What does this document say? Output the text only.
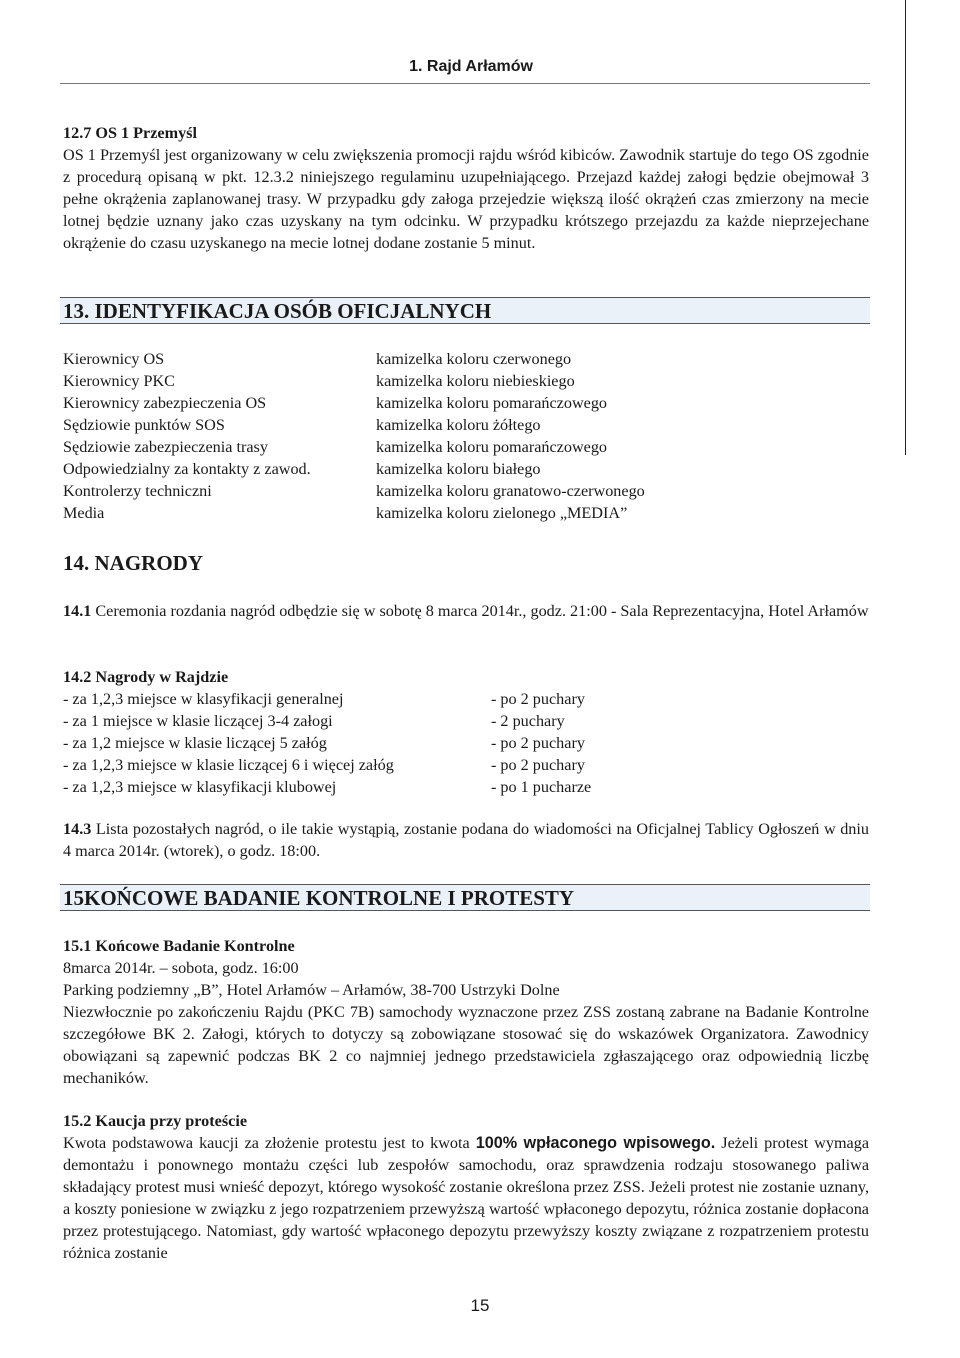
1. Rajd Arłamów
12.7 OS 1 Przemyśl
OS 1 Przemyśl jest organizowany w celu zwiększenia promocji rajdu wśród kibiców. Zawodnik startuje do tego OS zgodnie z procedurą opisaną w pkt. 12.3.2 niniejszego regulaminu uzupełniającego. Przejazd każdej załogi będzie obejmował 3 pełne okrążenia zaplanowanej trasy. W przypadku gdy załoga przejedzie większą ilość okrążeń czas zmierzony na mecie lotnej będzie uznany jako czas uzyskany na tym odcinku. W przypadku krótszego przejazdu za każde nieprzejechane okrążenie do czasu uzyskanego na mecie lotnej dodane zostanie 5 minut.
13. IDENTYFIKACJA OSÓB OFICJALNYCH
Kierownicy OS	kamizelka koloru czerwonego
Kierownicy PKC	kamizelka koloru niebieskiego
Kierownicy zabezpieczenia OS	kamizelka koloru pomarańczowego
Sędziowie punktów SOS	kamizelka koloru żółtego
Sędziowie zabezpieczenia trasy	kamizelka koloru pomarańczowego
Odpowiedzialny za kontakty z zawod.	kamizelka koloru białego
Kontrolerzy techniczni	kamizelka koloru granatowo-czerwonego
Media	kamizelka koloru zielonego „MEDIA”
14. NAGRODY
14.1 Ceremonia rozdania nagród odbędzie się w sobotę 8 marca 2014r., godz. 21:00 - Sala Reprezentacyjna, Hotel Arłamów
14.2 Nagrody w Rajdzie
- za 1,2,3 miejsce w klasyfikacji generalnej	- po 2 puchary
- za 1 miejsce w klasie liczącej 3-4 załogi	- 2 puchary
- za 1,2 miejsce w klasie liczącej 5 załóg	- po 2 puchary
- za 1,2,3 miejsce w klasie liczącej 6 i więcej załóg	- po 2 puchary
- za 1,2,3 miejsce w klasyfikacji klubowej	- po 1 pucharze
14.3 Lista pozostałych nagród, o ile takie wystąpią, zostanie podana do wiadomości na Oficjalnej Tablicy Ogłoszeń w dniu 4 marca 2014r. (wtorek), o godz. 18:00.
15KOŃCOWE BADANIE KONTROLNE I PROTESTY
15.1 Końcowe Badanie Kontrolne
8marca 2014r. – sobota, godz. 16:00
Parking podziemny „B”, Hotel Arłamów – Arłamów, 38-700 Ustrzyki Dolne
Niezwłocznie po zakończeniu Rajdu (PKC 7B) samochody wyznaczone przez ZSS zostaną zabrane na Badanie Kontrolne szczegółowe BK 2. Załogi, których to dotyczy są zobowiązane stosować się do wskazówek Organizatora. Zawodnicy obowiązani są zapewnić podczas BK 2 co najmniej jednego przedstawiciela zgłaszającego oraz odpowiednią liczbę mechaników.
15.2 Kaucja przy proteście
Kwota podstawowa kaucji za złożenie protestu jest to kwota 100% wpłaconego wpisowego. Jeżeli protest wymaga demontażu i ponownego montażu części lub zespołów samochodu, oraz sprawdzenia rodzaju stosowanego paliwa składający protest musi wnieść depozyt, którego wysokość zostanie określona przez ZSS. Jeżeli protest nie zostanie uznany, a koszty poniesione w związku z jego rozpatrzeniem przewyższą wartość wpłaconego depozytu, różnica zostanie dopłacona przez protestującego. Natomiast, gdy wartość wpłaconego depozytu przewyższy koszty związane z rozpatrzeniem protestu różnica zostanie
15
